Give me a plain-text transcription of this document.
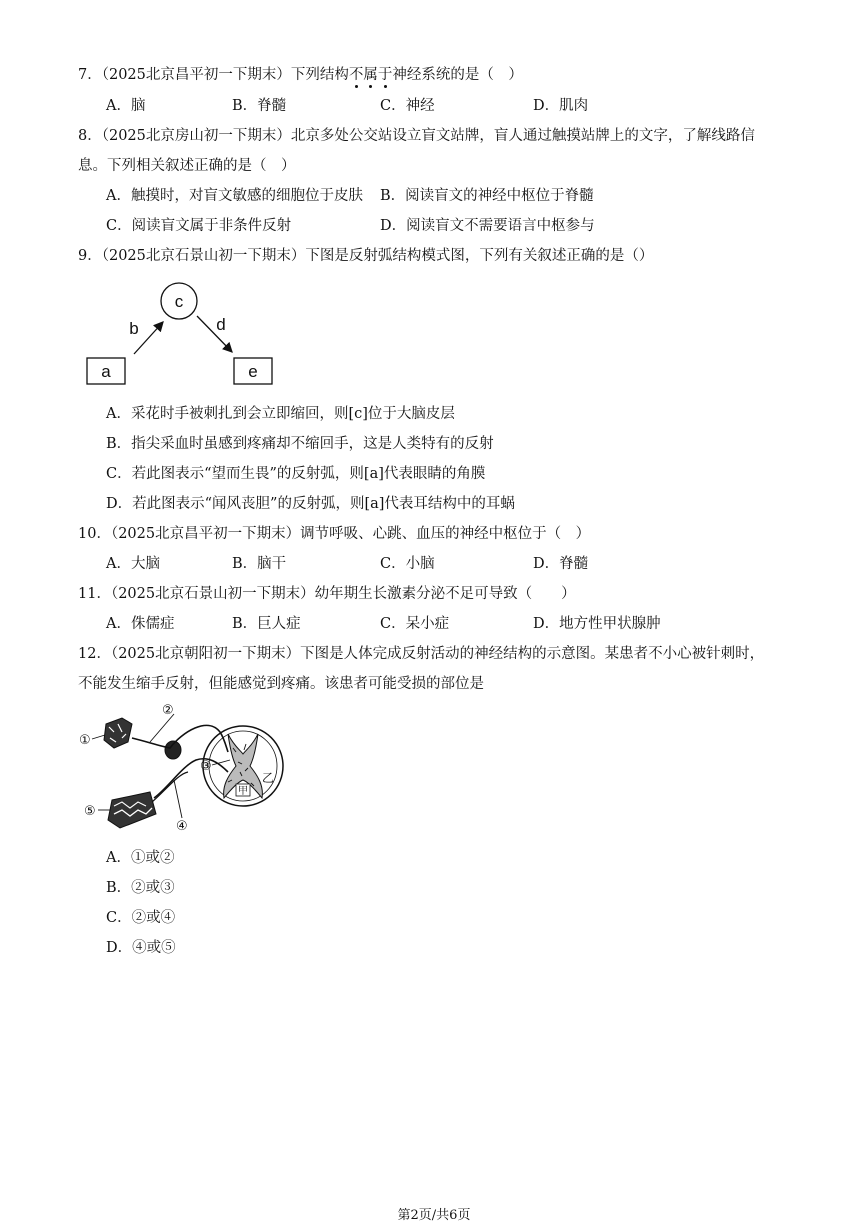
7．（2025北京昌平初一下期末）下列结构不属于神经系统的是（　）
A．脑	B．脊髓	C．神经	D．肌肉
8．（2025北京房山初一下期末）北京多处公交站设立盲文站牌，盲人通过触摸站牌上的文字，了解线路信
息。下列相关叙述正确的是（　）
A．触摸时，对盲文敏感的细胞位于皮肤 B．阅读盲文的神经中枢位于脊髓
C．阅读盲文属于非条件反射	D．阅读盲文不需要语言中枢参与
9．（2025北京石景山初一下期末）下图是反射弧结构模式图，下列有关叙述正确的是（）
c
a	e
b	d
A．采花时手被刺扎到会立即缩回，则[c]位于大脑皮层
B．指尖采血时虽感到疼痛却不缩回手，这是人类特有的反射
C．若此图表示“望而生畏”的反射弧，则[a]代表眼睛的角膜
D．若此图表示“闻风丧胆”的反射弧，则[a]代表耳结构中的耳蜗
10．（2025北京昌平初一下期末）调节呼吸、心跳、血压的神经中枢位于（　）
A．大脑	B．脑干	C．小脑	D．脊髓
11．（2025北京石景山初一下期末）幼年期生长激素分泌不足可导致（　　）
A．侏儒症	B．巨人症	C．呆小症	D．地方性甲状腺肿
12．（2025北京朝阳初一下期末）下图是人体完成反射活动的神经结构的示意图。某患者不小心被针刺时，
不能发生缩手反射，但能感觉到疼痛。该患者可能受损的部位是
甲
乙
②
①
③
④
⑤
A．①或②
B．②或③
C．②或④
D．④或⑤
第2页/共6页
